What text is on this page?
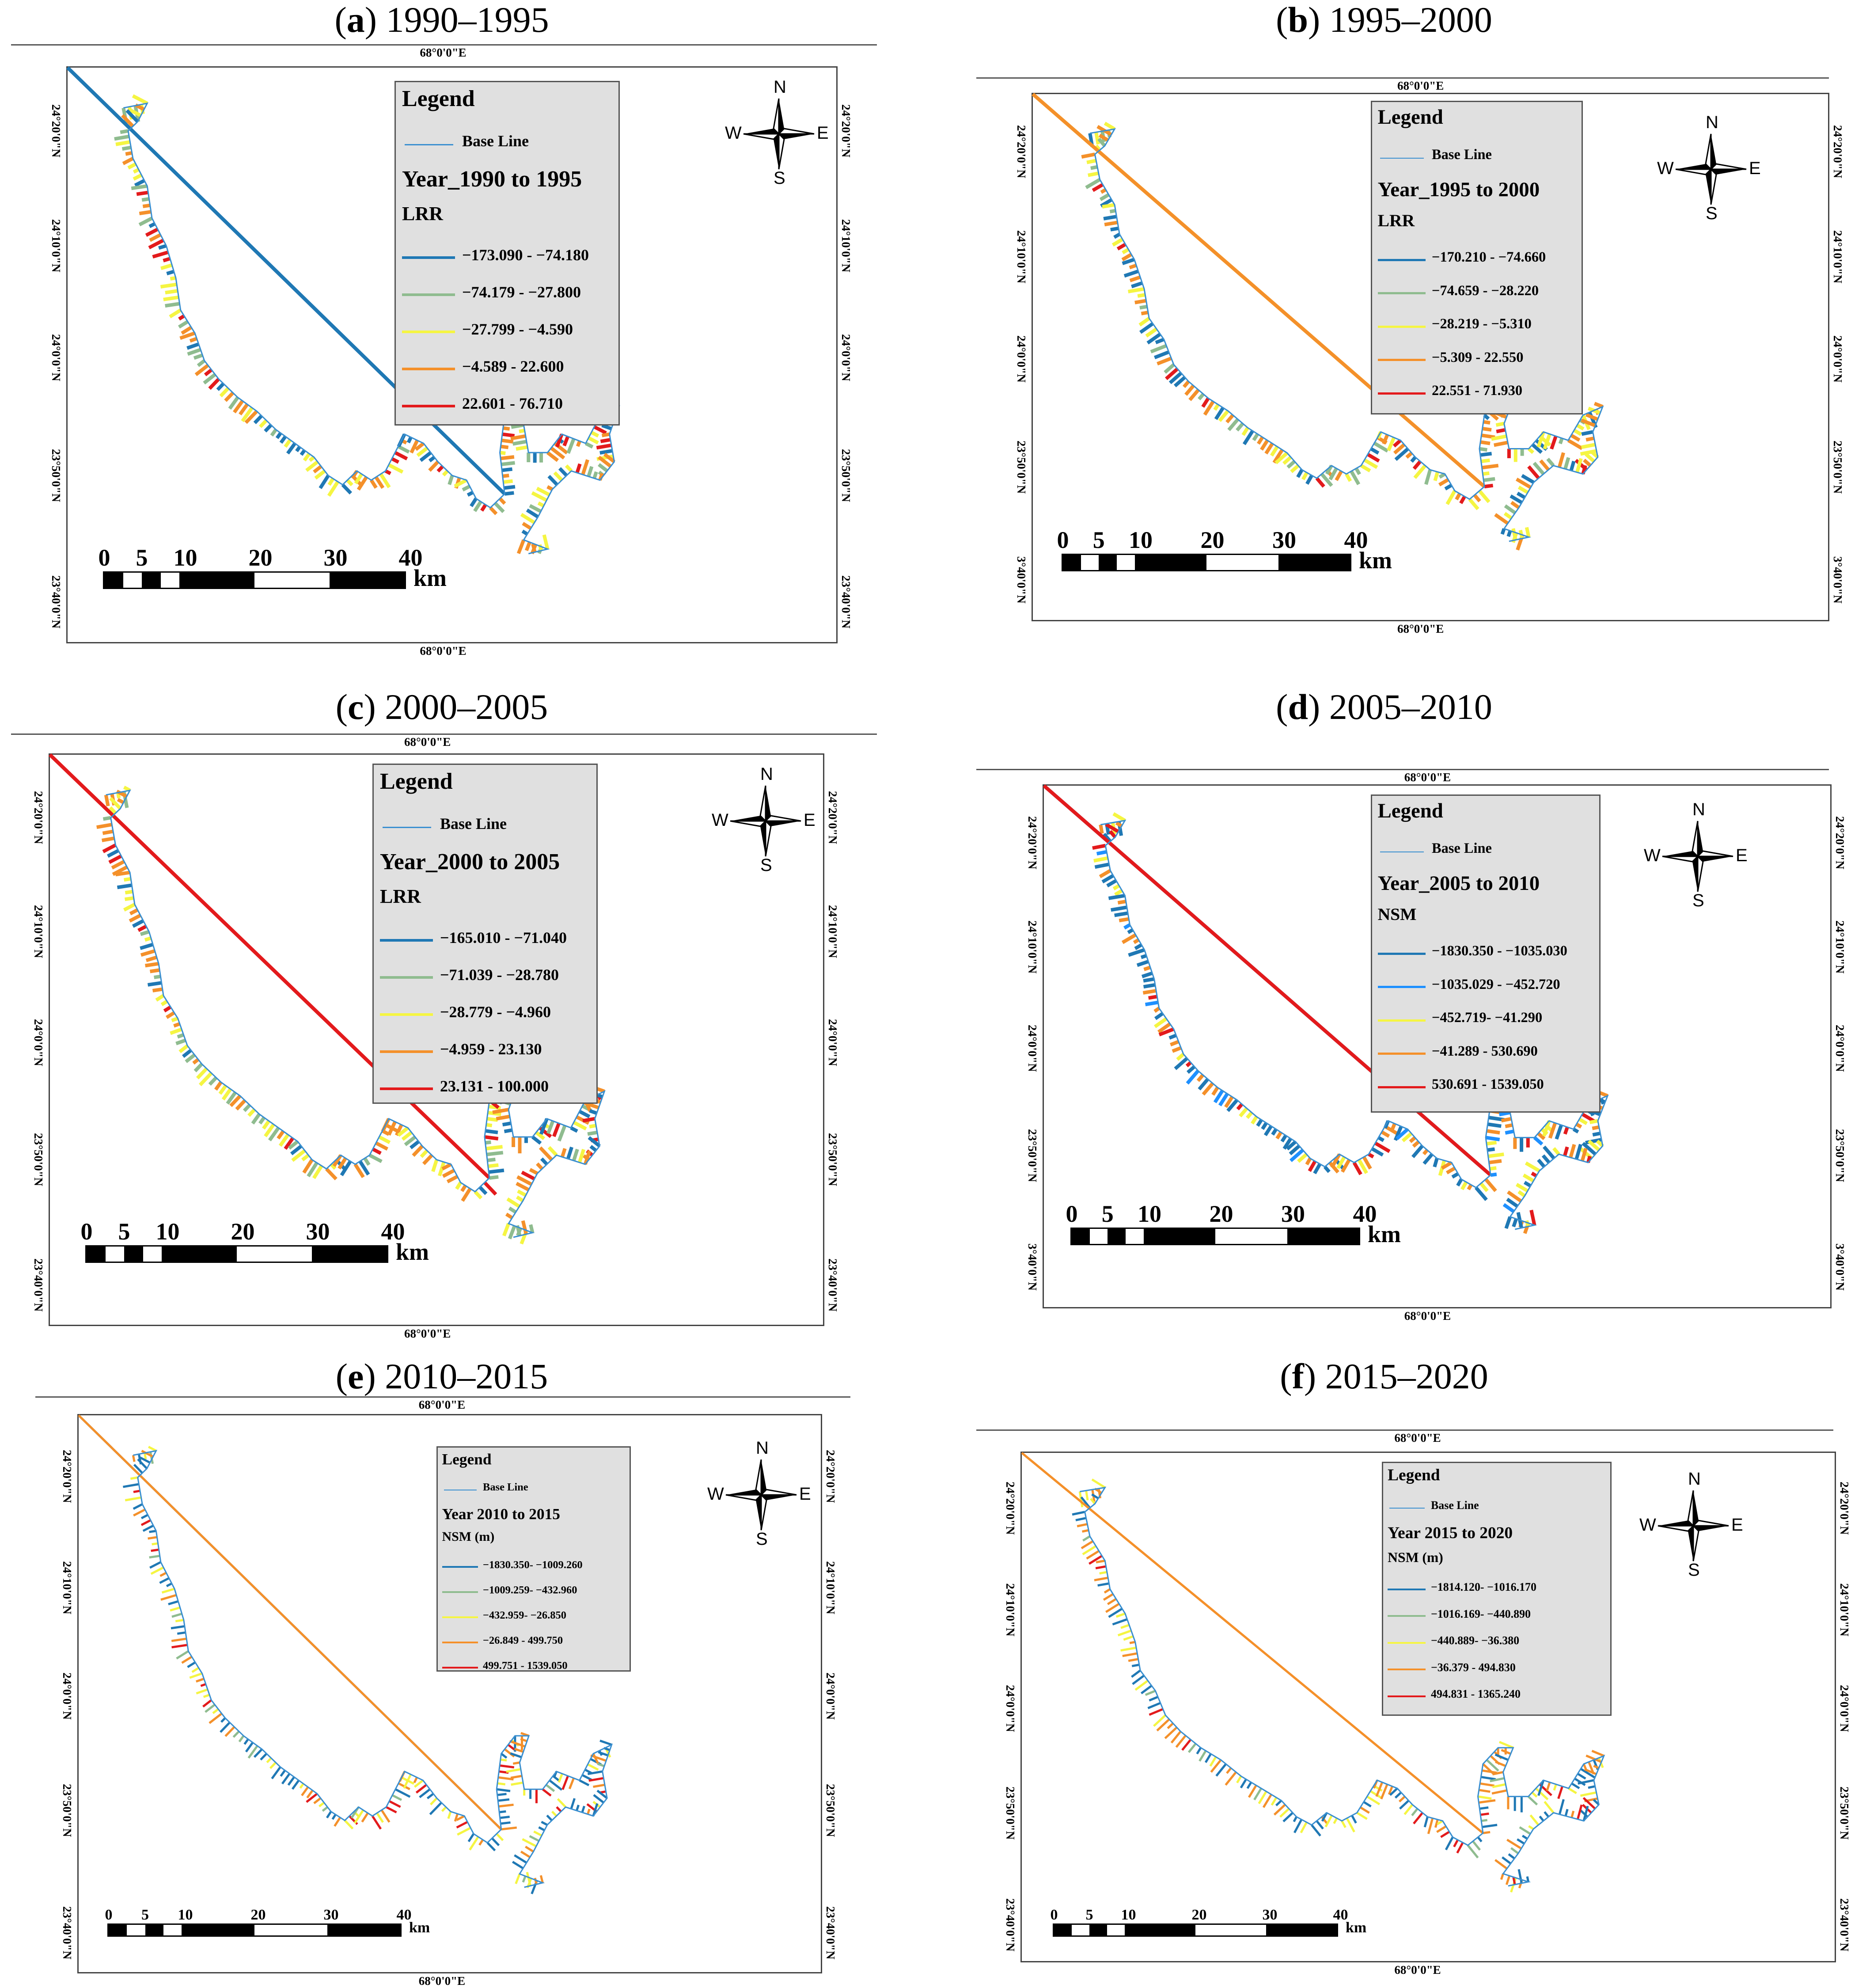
(a) 1990–1995
68°0'0"E
Legend
Base Line
Year_1990 to 1995
LRR
−173.090 - −74.180
−74.179 - −27.800
−27.799 - −4.590
−4.589 - 22.600
22.601 - 76.710
N
S
W	E
0 5 10 20 30 40
km
68°0'0"E
24°20'0"N	24°20'0"N
24°10'0"N	24°10'0"N
24°0'0"N	24°0'0"N
23°50'0"N	23°50'0"N
23°40'0"N	23°40'0"N
(b) 1995–2000
68°0'0"E
Legend
Base Line
Year_1995 to 2000
LRR
−170.210 - −74.660
−74.659 - −28.220
−28.219 - −5.310
−5.309 - 22.550
22.551 - 71.930
N
S
W	E
0 5 10 20 30 40
km
68°0'0"E
24°20'0"N	24°20'0"N
24°10'0"N	24°10'0"N
24°0'0"N	24°0'0"N
23°50'0"N	23°50'0"N
3°40'0"N	3°40'0"N
(c) 2000–2005
68°0'0"E
Legend
Base Line
Year_2000 to 2005
LRR
−165.010 - −71.040
−71.039 - −28.780
−28.779 - −4.960
−4.959 - 23.130
23.131 - 100.000
N
S
W	E
0 5 10 20 30 40
km
68°0'0"E
24°20'0"N	24°20'0"N
24°10'0"N	24°10'0"N
24°0'0"N	24°0'0"N
23°50'0"N	23°50'0"N
23°40'0"N	23°40'0"N
(d) 2005–2010
68°0'0"E
Legend
Base Line
Year_2005 to 2010
NSM
−1830.350 - −1035.030
−1035.029 - −452.720
−452.719- −41.290
−41.289 - 530.690
530.691 - 1539.050
N
S
W	E
0 5 10 20 30 40
km
68°0'0"E
24°20'0"N	24°20'0"N
24°10'0"N	24°10'0"N
24°0'0"N	24°0'0"N
23°50'0"N	23°50'0"N
3°40'0"N	3°40'0"N
(e) 2010–2015
68°0'0"E
Legend
Base Line
Year 2010 to 2015
NSM (m)
−1830.350- −1009.260
−1009.259- −432.960
−432.959- −26.850
−26.849 - 499.750
499.751 - 1539.050
N
S
W	E
0 5 10	20	30	40
km
68°0'0"E
24°20'0"N	24°20'0"N
24°10'0"N	24°10'0"N
24°0'0"N	24°0'0"N
23°50'0"N	23°50'0"N
23°40'0"N	23°40'0"N
(f) 2015–2020
68°0'0"E
Legend
Base Line
Year 2015 to 2020
NSM (m)
−1814.120- −1016.170
−1016.169- −440.890
−440.889- −36.380
−36.379 - 494.830
494.831 - 1365.240
N
S
W	E
0 5 10	20	30	40
km
68°0'0"E
24°20'0"N	24°20'0"N
24°10'0"N	24°10'0"N
24°0'0"N	24°0'0"N
23°50'0"N	23°50'0"N
23°40'0"N	23°40'0"N
